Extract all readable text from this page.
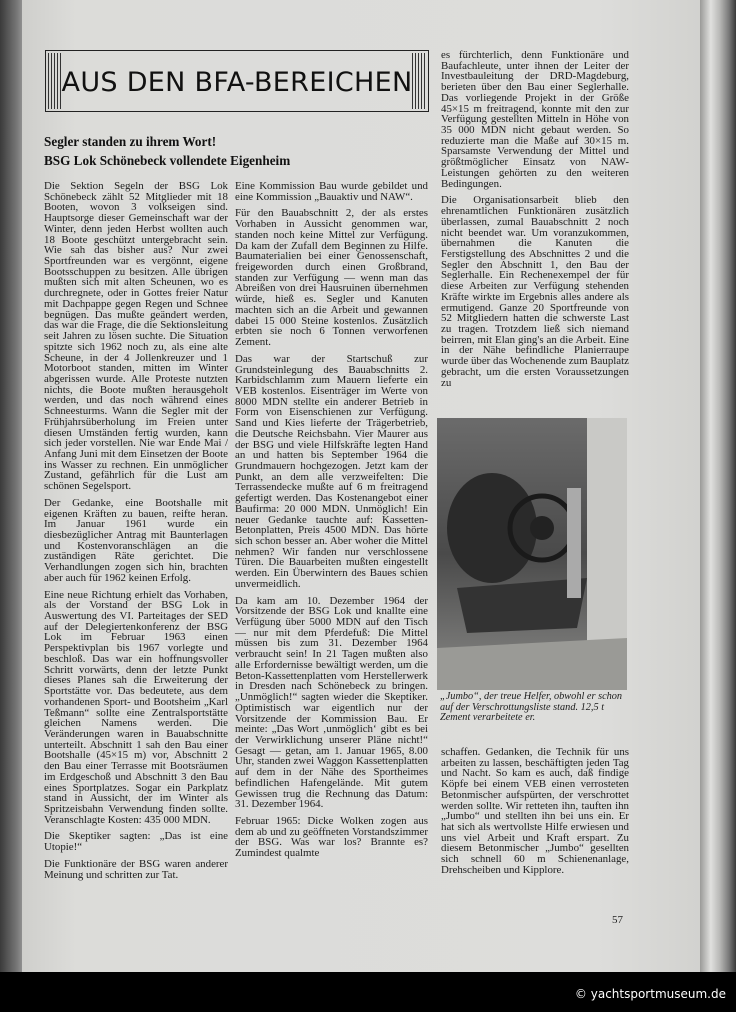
AUS DEN BFA-BEREICHEN
Segler standen zu ihrem Wort!
BSG Lok Schönebeck vollendete Eigenheim

Die Sektion Segeln der BSG Lok Schönebeck zählt 52 Mitglieder mit 18 Booten, wovon 3 volkseigen sind. Hauptsorge dieser Gemeinschaft war der Winter, denn jeden Herbst wollten auch 18 Boote geschützt untergebracht sein. Wie sah das bisher aus? Nur zwei Sportfreunden war es vergönnt, eigene Bootsschuppen zu besitzen. Alle übrigen mußten sich mit alten Scheunen, wo es durchregnete, oder in Gottes freier Natur mit Dachpappe gegen Regen und Schnee begnügen. Das mußte geändert werden, das war die Frage, die die Sektionsleitung seit Jahren zu lösen suchte. Die Situation spitzte sich 1962 noch zu, als eine alte Scheune, in der 4 Jollenkreuzer und 1 Motorboot standen, mitten im Winter abgerissen wurde. Alle Proteste nutzten nichts, die Boote mußten herausgeholt werden, und das noch während eines Schneesturms. Wann die Segler mit der Frühjahrsüberholung im Freien unter diesen Umständen fertig wurden, kann sich jeder vorstellen. Nie war Ende Mai / Anfang Juni mit dem Einsetzen der Boote ins Wasser zu rechnen. Ein unmöglicher Zustand, gefährlich für die Lust am schönen Segelsport.

Der Gedanke, eine Bootshalle mit eigenen Kräften zu bauen, reifte heran. Im Januar 1961 wurde ein diesbezüglicher Antrag mit Baunterlagen und Kostenvoranschlägen an die zuständigen Räte gerichtet. Die Verhandlungen zogen sich hin, brachten aber auch für 1962 keinen Erfolg.

Eine neue Richtung erhielt das Vorhaben, als der Vorstand der BSG Lok in Auswertung des VI. Parteitages der SED auf der Delegiertenkonferenz der BSG Lok im Februar 1963 einen Perspektivplan bis 1967 vorlegte und beschloß. Das war ein hoffnungsvoller Schritt vorwärts, denn der letzte Punkt dieses Planes sah die Erweiterung der Sportstätte vor. Das bedeutete, aus dem vorhandenen Sport- und Bootsheim „Karl Teßmann“ sollte eine Zentralsportstätte gleichen Namens werden. Die Veränderungen waren in Bauabschnitte unterteilt. Abschnitt 1 sah den Bau einer Bootshalle (45×15 m) vor, Abschnitt 2 den Bau einer Terrasse mit Bootsräumen im Erdgeschoß und Abschnitt 3 den Bau eines Sportplatzes. Sogar ein Parkplatz stand in Aussicht, der im Winter als Spritzeisbahn Verwendung finden sollte. Veranschlagte Kosten: 435 000 MDN.

Die Skeptiker sagten: „Das ist eine Utopie!“

Die Funktionäre der BSG waren anderer Meinung und schritten zur Tat.

Eine Kommission Bau wurde gebildet und eine Kommission „Bauaktiv und NAW“.

Für den Bauabschnitt 2, der als erstes Vorhaben in Aussicht genommen war, standen noch keine Mittel zur Verfügung. Da kam der Zufall dem Beginnen zu Hilfe. Baumaterialien bei einer Genossenschaft, freigeworden durch einen Großbrand, standen zur Verfügung — wenn man das Abreißen von drei Hausruinen übernehmen würde, hieß es. Segler und Kanuten machten sich an die Arbeit und gewannen dabei 15 000 Steine kostenlos. Zusätzlich erbten sie noch 6 Tonnen verworfenen Zement.

Das war der Startschuß zur Grundsteinlegung des Bauabschnitts 2. Karbidschlamm zum Mauern lieferte ein VEB kostenlos. Eisenträger im Werte von 8000 MDN stellte ein anderer Betrieb in Form von Eisenschienen zur Verfügung. Sand und Kies lieferte der Trägerbetrieb, die Deutsche Reichsbahn. Vier Maurer aus der BSG und viele Hilfskräfte legten Hand an und hatten bis September 1964 die Grundmauern hochgezogen. Jetzt kam der Punkt, an dem alle verzweifelten: Die Terrassendecke mußte auf 6 m freitragend gefertigt werden. Das Kostenangebot einer Baufirma: 20 000 MDN. Unmöglich! Ein neuer Gedanke tauchte auf: Kassetten-Betonplatten, Preis 4500 MDN. Das hörte sich schon besser an. Aber woher die Mittel nehmen? Wir fanden nur verschlossene Türen. Die Bauarbeiten mußten eingestellt werden. Ein Überwintern des Baues schien unvermeidlich.

Da kam am 10. Dezember 1964 der Vorsitzende der BSG Lok und knallte eine Verfügung über 5000 MDN auf den Tisch — nur mit dem Pferdefuß: Die Mittel müssen bis zum 31. Dezember 1964 verbraucht sein! In 21 Tagen mußten also alle Erfordernisse bewältigt werden, um die Beton-Kassettenplatten vom Herstellerwerk in Dresden nach Schönebeck zu bringen. „Unmöglich!“ sagten wieder die Skeptiker. Optimistisch war eigentlich nur der Vorsitzende der Kommission Bau. Er meinte: „Das Wort ‚unmöglich‘ gibt es bei der Verwirklichung unserer Pläne nicht!“ Gesagt — getan, am 1. Januar 1965, 8.00 Uhr, standen zwei Waggon Kassettenplatten auf dem in der Nähe des Sportheimes befindlichen Hafengelände. Mit gutem Gewissen trug die Rechnung das Datum: 31. Dezember 1964.

Februar 1965: Dicke Wolken zogen aus dem ab und zu geöffneten Vorstandszimmer der BSG. Was war los? Brannte es? Zumindest qualmte

es fürchterlich, denn Funktionäre und Baufachleute, unter ihnen der Leiter der Investbauleitung der DRD-Magdeburg, berieten über den Bau einer Seglerhalle. Das vorliegende Projekt in der Größe 45×15 m freitragend, konnte mit den zur Verfügung gestellten Mitteln in Höhe von 35 000 MDN nicht gebaut werden. So reduzierte man die Maße auf 30×15 m. Sparsamste Verwendung der Mittel und größtmöglicher Einsatz von NAW-Leistungen gehörten zu den weiteren Bedingungen.

Die Organisationsarbeit blieb den ehrenamtlichen Funktionären zusätzlich überlassen, zumal Bauabschnitt 2 noch nicht beendet war. Um voranzukommen, übernahmen die Kanuten die Ferstigstellung des Abschnittes 2 und die Segler den Abschnitt 1, den Bau der Seglerhalle. Ein Rechenexempel der für diese Arbeiten zur Verfügung stehenden Kräfte wirkte im Ergebnis alles andere als ermutigend. Ganze 20 Sportfreunde von 52 Mitgliedern hatten die schwerste Last zu tragen. Trotzdem ließ sich niemand beirren, mit Elan ging's an die Arbeit. Eine in der Nähe befindliche Planierraupe wurde über das Wochenende zum Bauplatz gebracht, um die ersten Voraussetzungen zu

„Jumbo“, der treue Helfer, obwohl er schon auf der Verschrottungsliste stand. 12,5 t Zement verarbeitete er.

schaffen. Gedanken, die Technik für uns arbeiten zu lassen, beschäftigten jeden Tag und Nacht. So kam es auch, daß findige Köpfe bei einem VEB einen verrosteten Betonmischer aufspürten, der verschrottet werden sollte. Wir retteten ihn, tauften ihn „Jumbo“ und stellten ihn bei uns ein. Er hat sich als wertvollste Hilfe erwiesen und uns viel Arbeit und Kraft erspart. Zu diesem Betonmischer „Jumbo“ gesellten sich schnell 60 m Schienenanlage, Drehscheiben und Kipplore.

57
© yachtsportmuseum.de
